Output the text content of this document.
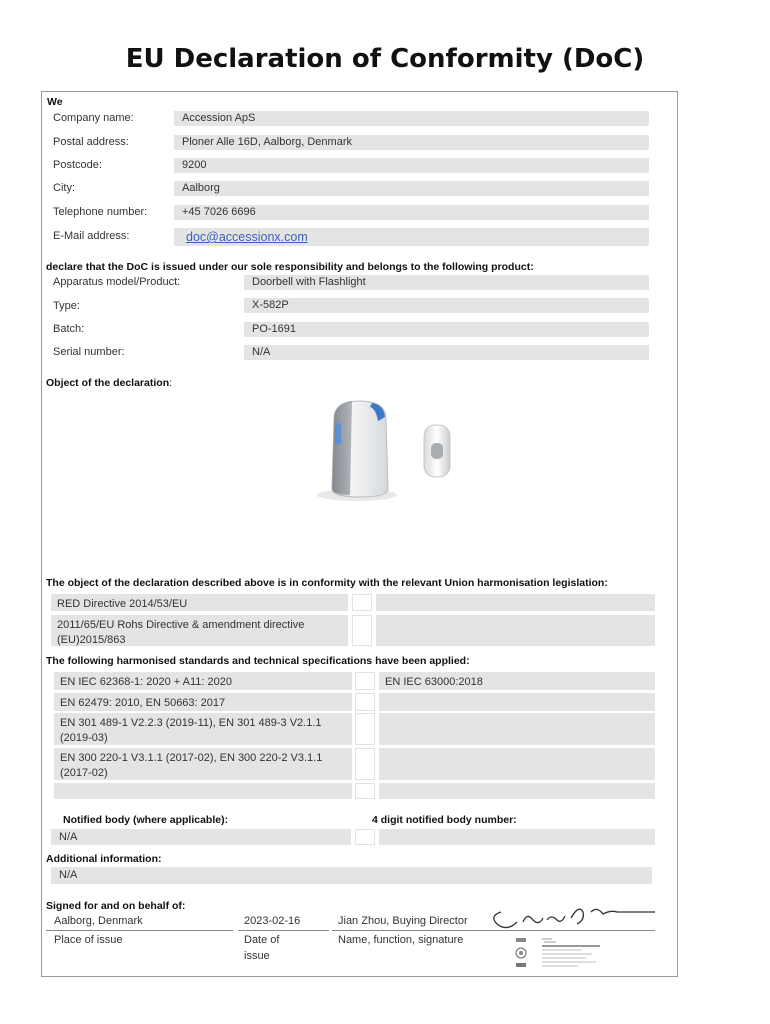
EU Declaration of Conformity (DoC)
We
Company name:	Accession ApS
Postal address:	Ploner Alle 16D, Aalborg, Denmark
Postcode:	9200
City:	Aalborg
Telephone number:	+45 7026 6696
E-Mail address:	doc@accessionx.com
declare that the DoC is issued under our sole responsibility and belongs to the following product:
Apparatus model/Product:	Doorbell with Flashlight
Type:	X-582P
Batch:	PO-1691
Serial number:	N/A
Object of the declaration:
The object of the declaration described above is in conformity with the relevant Union harmonisation legislation:
RED Directive 2014/53/EU
2011/65/EU Rohs Directive & amendment directive (EU)2015/863
The following harmonised standards and technical specifications have been applied:
EN IEC 62368-1: 2020 + A11: 2020	EN IEC 63000:2018
EN 62479: 2010, EN 50663: 2017
EN 301 489-1 V2.2.3 (2019-11), EN 301 489-3 V2.1.1 (2019-03)
EN 300 220-1 V3.1.1 (2017-02), EN 300 220-2 V3.1.1 (2017-02)
Notified body (where applicable):	4 digit notified body number:
N/A
Additional information:
N/A
Signed for and on behalf of:
Aalborg, Denmark	2023-02-16	Jian Zhou, Buying Director
Place of issue	Date of
issue
Name, function, signature
